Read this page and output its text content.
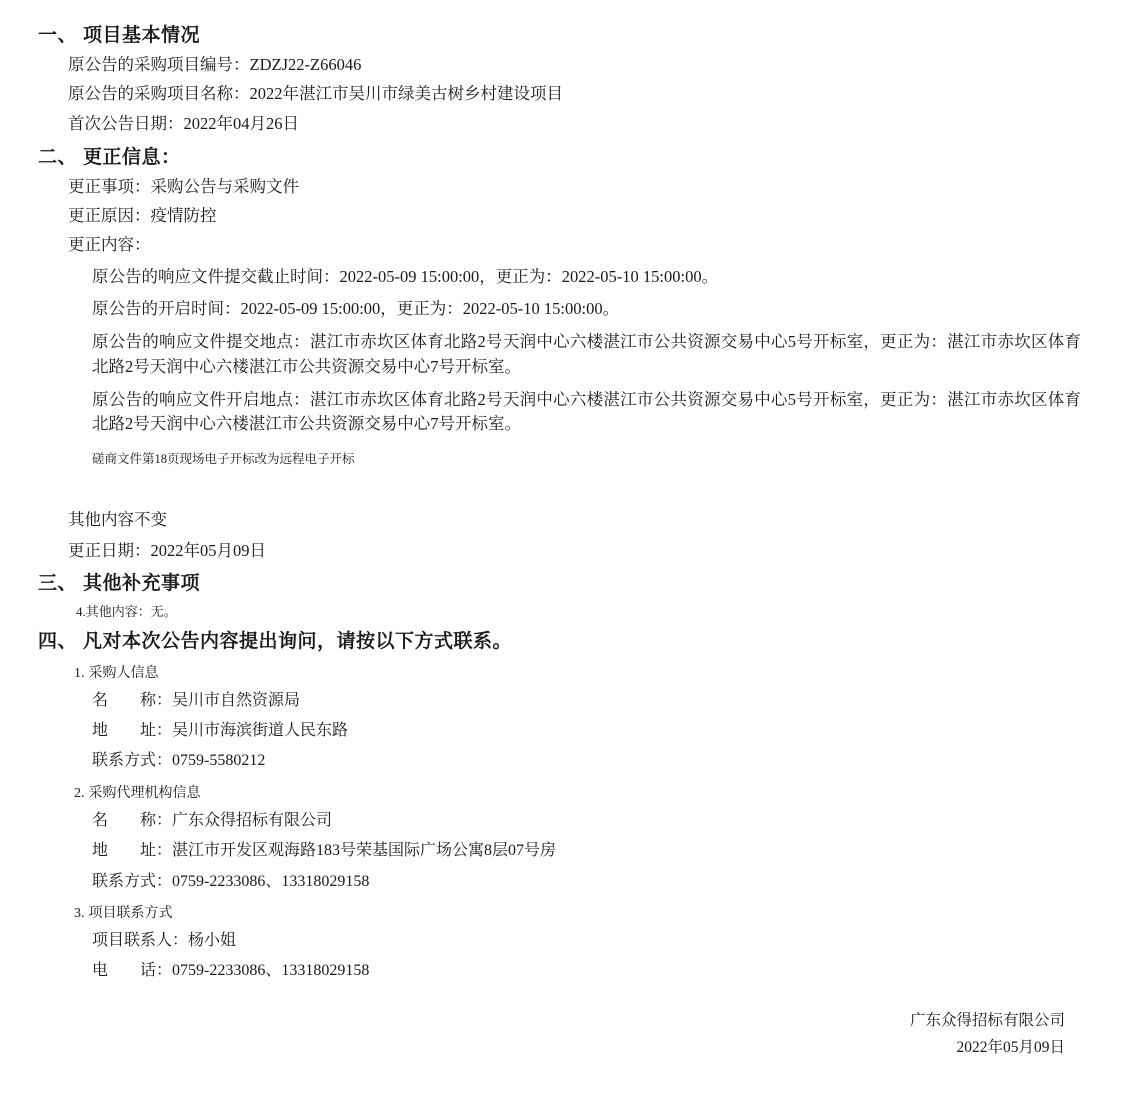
一、 项目基本情况
原公告的采购项目编号：ZDZJ22-Z66046
原公告的采购项目名称：2022年湛江市吴川市绿美古树乡村建设项目
首次公告日期：2022年04月26日
二、 更正信息：
更正事项：采购公告与采购文件
更正原因：疫情防控
更正内容：
原公告的响应文件提交截止时间：2022-05-09 15:00:00，更正为：2022-05-10 15:00:00。
原公告的开启时间：2022-05-09 15:00:00，更正为：2022-05-10 15:00:00。
原公告的响应文件提交地点：湛江市赤坎区体育北路2号天润中心六楼湛江市公共资源交易中心5号开标室，更正为：湛江市赤坎区体育北路2号天润中心六楼湛江市公共资源交易中心7号开标室。
原公告的响应文件开启地点：湛江市赤坎区体育北路2号天润中心六楼湛江市公共资源交易中心5号开标室，更正为：湛江市赤坎区体育北路2号天润中心六楼湛江市公共资源交易中心7号开标室。
磋商文件第18页现场电子开标改为远程电子开标
其他内容不变
更正日期：2022年05月09日
三、 其他补充事项
4.其他内容：无。
四、 凡对本次公告内容提出询问，请按以下方式联系。
1. 采购人信息
名　　称：吴川市自然资源局
地　　址：吴川市海滨街道人民东路
联系方式：0759-5580212
2. 采购代理机构信息
名　　称：广东众得招标有限公司
地　　址：湛江市开发区观海路183号荣基国际广场公寓8层07号房
联系方式：0759-2233086、13318029158
3. 项目联系方式
项目联系人：杨小姐
电　　话：0759-2233086、13318029158
广东众得招标有限公司
2022年05月09日
